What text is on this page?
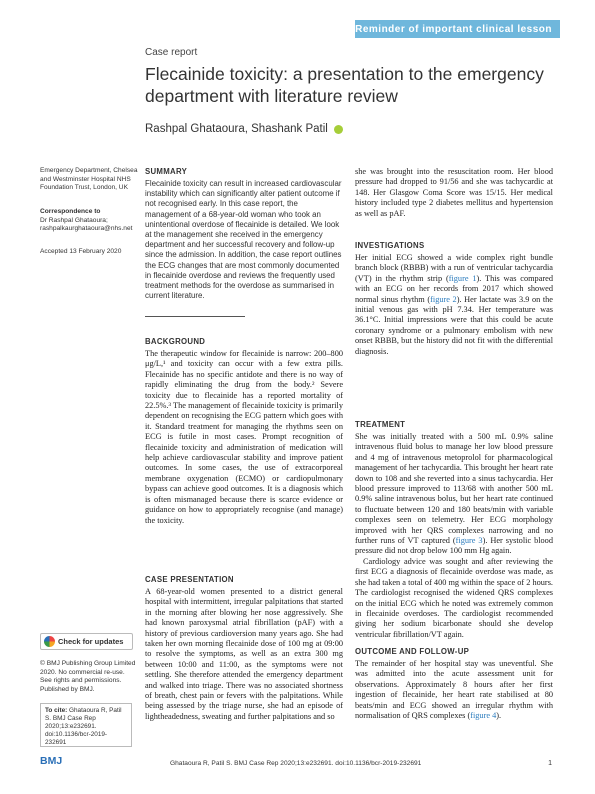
Reminder of important clinical lesson
Case report
Flecainide toxicity: a presentation to the emergency department with literature review
Rashpal Ghataoura, Shashank Patil
Emergency Department, Chelsea and Westminster Hospital NHS Foundation Trust, London, UK
Correspondence to
Dr Rashpal Ghataoura;
rashpalkaurghataoura@nhs.net
Accepted 13 February 2020
Check for updates
© BMJ Publishing Group Limited 2020. No commercial re-use. See rights and permissions. Published by BMJ.
To cite: Ghataoura R, Patil S. BMJ Case Rep 2020;13:e232691. doi:10.1136/bcr-2019-232691
SUMMARY

Flecainide toxicity can result in increased cardiovascular instability which can significantly alter patient outcome if not recognised early. In this case report, the management of a 68-year-old woman who took an unintentional overdose of flecainide is detailed. We look at the management she received in the emergency department and her successful recovery and follow-up since the admission. In addition, the case report outlines the ECG changes that are most commonly documented in flecainide overdose and reviews the frequently used treatment methods for the overdose as summarised in current literature.

BACKGROUND

The therapeutic window for flecainide is narrow: 200–800 μg/L,¹ and toxicity can occur with a few extra pills. Flecainide has no specific antidote and there is no way of rapidly eliminating the drug from the body.² Severe toxicity due to flecainide has a reported mortality of 22.5%.³ The management of flecainide toxicity is primarily dependent on recognising the ECG pattern which goes with it. Standard treatment for managing the rhythms seen on ECG is futile in most cases. Prompt recognition of flecainide toxicity and administration of medication will help achieve cardiovascular stability and improve patient outcomes. In some cases, the use of extracorporeal membrane oxygenation (ECMO) or cardiopulmonary bypass can achieve good outcomes. It is a diagnosis which is often mismanaged because there is scarce evidence or guidance on how to appropriately recognise (and manage) the toxicity.

CASE PRESENTATION

A 68-year-old women presented to a district general hospital with intermittent, irregular palpitations that started in the morning after blowing her nose aggressively. She had known paroxysmal atrial fibrillation (pAF) with a history of previous cardioversion many years ago. She had taken her own morning flecainide dose of 100 mg at 09:00 to resolve the symptoms, as well as an extra 300 mg between 10:00 and 11:00, as the symptoms were not settling. She therefore attended the emergency department and walked into triage. There was no associated shortness of breath, chest pain or fevers with the palpitations. While being assessed by the triage nurse, she had an episode of lightheadedness, sweating and further palpitations and so

she was brought into the resuscitation room. Her blood pressure had dropped to 91/56 and she was tachycardic at 148. Her Glasgow Coma Score was 15/15. Her medical history included type 2 diabetes mellitus and hypertension as well as pAF.

INVESTIGATIONS

Her initial ECG showed a wide complex right bundle branch block (RBBB) with a run of ventricular tachycardia (VT) in the rhythm strip (figure 1). This was compared with an ECG on her records from 2017 which showed normal sinus rhythm (figure 2). Her lactate was 3.9 on the initial venous gas with pH 7.34. Her temperature was 36.1°C. Initial impressions were that this could be acute coronary syndrome or a pulmonary embolism with new onset RBBB, but the history did not fit with the differential diagnosis.

TREATMENT

She was initially treated with a 500 mL 0.9% saline intravenous fluid bolus to manage her low blood pressure and 4 mg of intravenous metoprolol for pharmacological management of her tachycardia. This brought her heart rate down to 108 and she reverted into a sinus tachycardia. Her blood pressure improved to 113/68 with another 500 mL 0.9% saline intravenous bolus, but her heart rate continued to fluctuate between 120 and 180 beats/min with variable complexes seen on telemetry. Her ECG morphology improved with her QRS complexes narrowing and no further runs of VT captured (figure 3). Her systolic blood pressure did not drop below 100 mm Hg again.

Cardiology advice was sought and after reviewing the first ECG a diagnosis of flecainide overdose was made, as she had taken a total of 400 mg within the space of 2 hours. The cardiologist recognised the widened QRS complexes on the initial ECG which he noted was extremely common in flecainide overdoses. The cardiologist recommended giving her sodium bicarbonate should she develop ventricular fibrillation/VT again.

OUTCOME AND FOLLOW-UP

The remainder of her hospital stay was uneventful. She was admitted into the acute assessment unit for observations. Approximately 8 hours after her first ingestion of flecainide, her heart rate stabilised at 80 beats/min and ECG showed an irregular rhythm with normalisation of QRS complexes (figure 4).

BMJ	Ghataoura R, Patil S. BMJ Case Rep 2020;13:e232691. doi:10.1136/bcr-2019-232691	1
